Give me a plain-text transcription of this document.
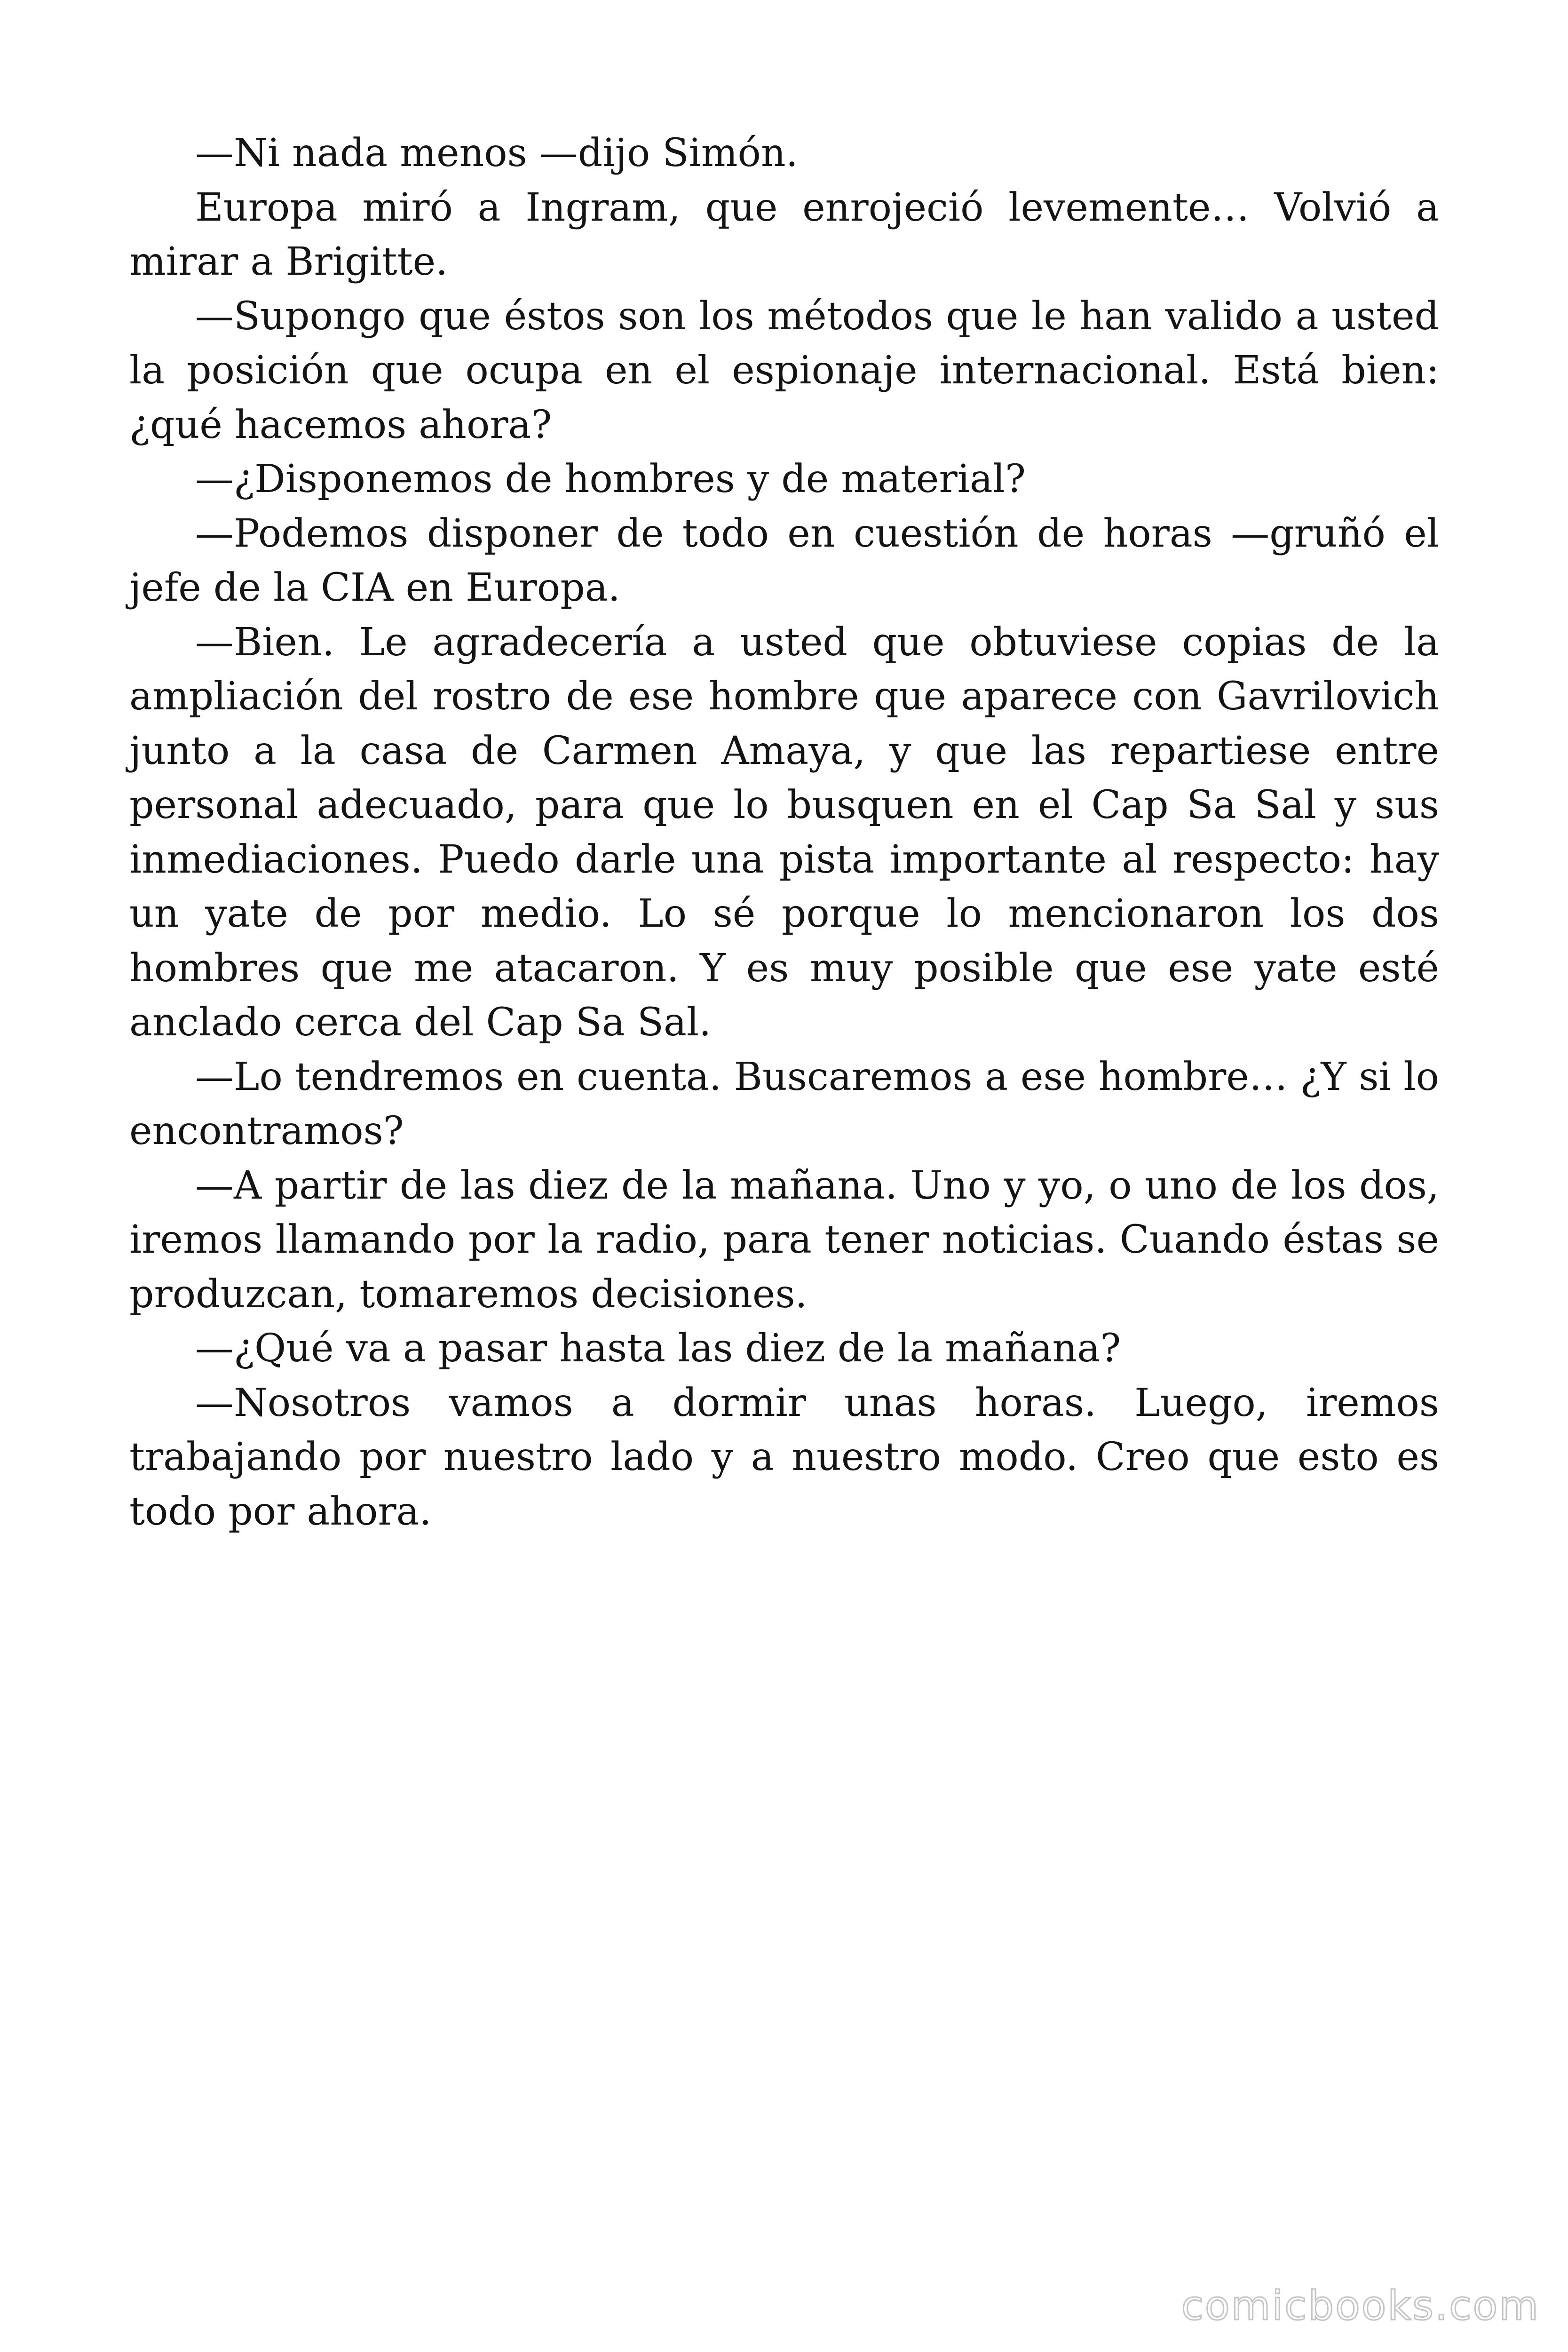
—Ni nada menos —dijo Simón.

Europa miró a Ingram, que enrojeció levemente… Volvió a mirar a Brigitte.

—Supongo que éstos son los métodos que le han valido a usted la posición que ocupa en el espionaje internacional. Está bien: ¿qué hacemos ahora?

—¿Disponemos de hombres y de material?

—Podemos disponer de todo en cuestión de horas —gruñó el jefe de la CIA en Europa.

—Bien. Le agradecería a usted que obtuviese copias de la ampliación del rostro de ese hombre que aparece con Gavrilovich junto a la casa de Carmen Amaya, y que las repartiese entre personal adecuado, para que lo busquen en el Cap Sa Sal y sus inmediaciones. Puedo darle una pista importante al respecto: hay un yate de por medio. Lo sé porque lo mencionaron los dos hombres que me atacaron. Y es muy posible que ese yate esté anclado cerca del Cap Sa Sal.

—Lo tendremos en cuenta. Buscaremos a ese hombre… ¿Y si lo encontramos?

—A partir de las diez de la mañana. Uno y yo, o uno de los dos, iremos llamando por la radio, para tener noticias. Cuando éstas se produzcan, tomaremos decisiones.

—¿Qué va a pasar hasta las diez de la mañana?

—Nosotros vamos a dormir unas horas. Luego, iremos trabajando por nuestro lado y a nuestro modo. Creo que esto es todo por ahora.

comicbooks.com
